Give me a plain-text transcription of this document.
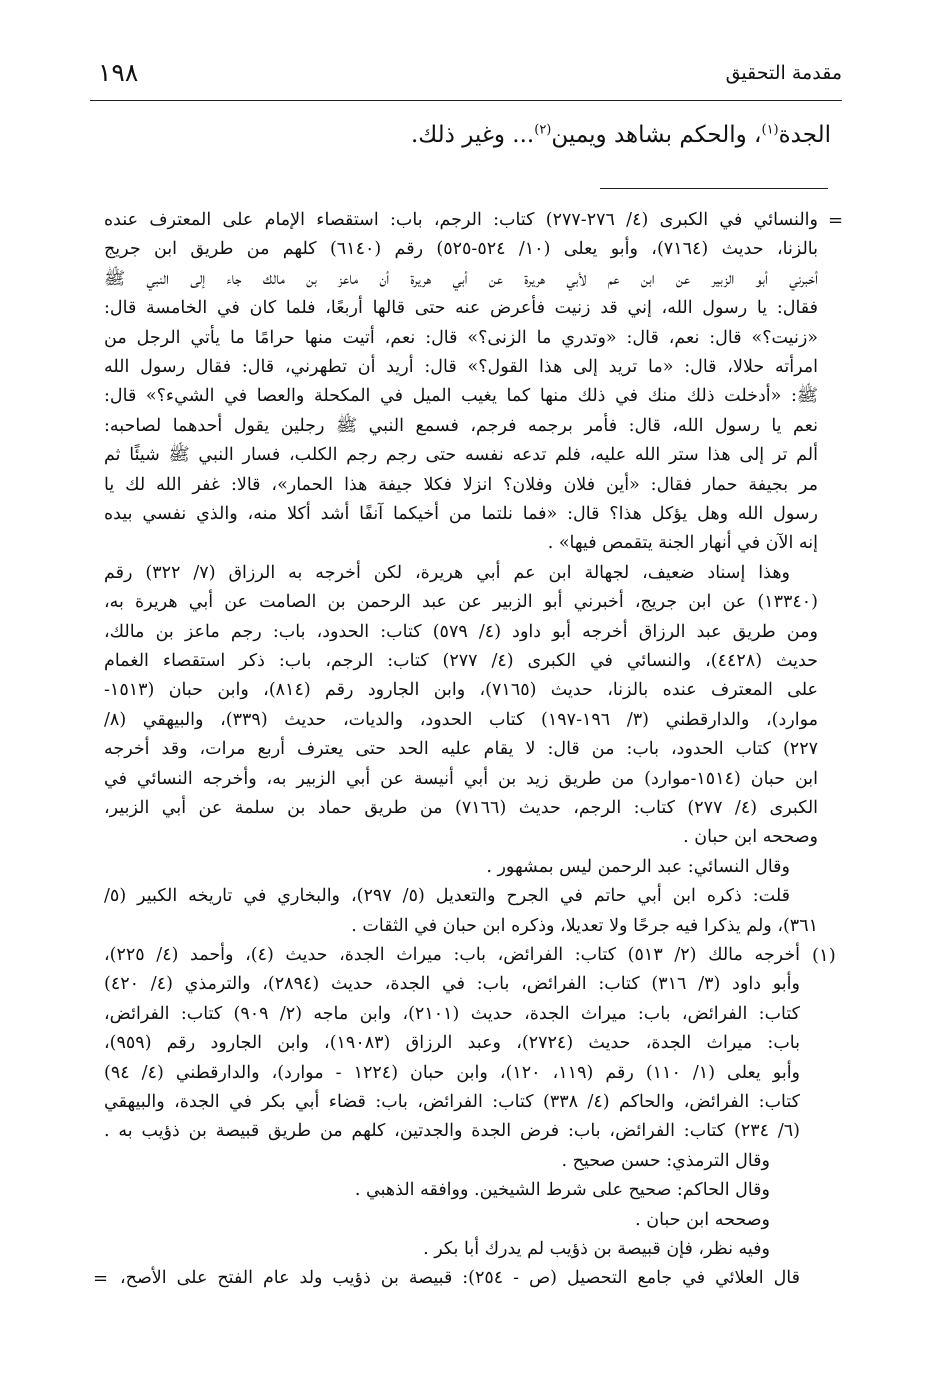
١٩٨	مقدمة التحقيق
الجدة$^{(١)}$، والحكم بشاهد ويمين$^{(٢)}$... وغير ذلك.
=
(١)
=
والنسائي في الكبرى (٤/ ٢٧٦-٢٧٧) كتاب: الرجم، باب: استقصاء الإمام على المعترف عنده
بالزنا، حديث (٧١٦٤)، وأبو يعلى (١٠/ ٥٢٤-٥٢٥) رقم (٦١٤٠) كلهم من طريق ابن جريج
أخبرني أبو الزبير عن ابن عم لأبي هريرة عن أبي هريرة أن ماعز بن مالك جاء إلى النبي ﷺ
فقال: يا رسول الله، إني قد زنيت فأعرض عنه حتى قالها أربعًا، فلما كان في الخامسة قال:
«زنيت؟» قال: نعم، قال: «وتدري ما الزنى؟» قال: نعم، أتيت منها حرامًا ما يأتي الرجل من
امرأته حلالا، قال: «ما تريد إلى هذا القول؟» قال: أريد أن تطهرني، قال: فقال رسول الله
ﷺ: «أدخلت ذلك منك في ذلك منها كما يغيب الميل في المكحلة والعصا في الشيء؟» قال:
نعم يا رسول الله، قال: فأمر برجمه فرجم، فسمع النبي ﷺ رجلين يقول أحدهما لصاحبه:
ألم تر إلى هذا ستر الله عليه، فلم تدعه نفسه حتى رجم رجم الكلب، فسار النبي ﷺ شيئًا ثم
مر بجيفة حمار فقال: «أين فلان وفلان؟ انزلا فكلا جيفة هذا الحمار»، قالا: غفر الله لك يا
رسول الله وهل يؤكل هذا؟ قال: «فما نلتما من أخيكما آنفًا أشد أكلا منه، والذي نفسي بيده
إنه الآن في أنهار الجنة يتقمص فيها» .
وهذا إسناد ضعيف، لجهالة ابن عم أبي هريرة، لكن أخرجه به الرزاق (٧/ ٣٢٢) رقم
(١٣٣٤٠) عن ابن جريج، أخبرني أبو الزبير عن عبد الرحمن بن الصامت عن أبي هريرة به،
ومن طريق عبد الرزاق أخرجه أبو داود (٤/ ٥٧٩) كتاب: الحدود، باب: رجم ماعز بن مالك،
حديث (٤٤٢٨)، والنسائي في الكبرى (٤/ ٢٧٧) كتاب: الرجم، باب: ذكر استقصاء الغمام
على المعترف عنده بالزنا، حديث (٧١٦٥)، وابن الجارود رقم (٨١٤)، وابن حبان (١٥١٣-
موارد)، والدارقطني (٣/ ١٩٦-١٩٧) كتاب الحدود، والديات، حديث (٣٣٩)، والبيهقي (٨/
٢٢٧) كتاب الحدود، باب: من قال: لا يقام عليه الحد حتى يعترف أربع مرات، وقد أخرجه
ابن حبان (١٥١٤-موارد) من طريق زيد بن أبي أنيسة عن أبي الزبير به، وأخرجه النسائي في
الكبرى (٤/ ٢٧٧) كتاب: الرجم، حديث (٧١٦٦) من طريق حماد بن سلمة عن أبي الزبير،
وصححه ابن حبان .
وقال النسائي: عبد الرحمن ليس بمشهور .
قلت: ذكره ابن أبي حاتم في الجرح والتعديل (٥/ ٢٩٧)، والبخاري في تاريخه الكبير (٥/
٣٦١)، ولم يذكرا فيه جرحًا ولا تعديلا، وذكره ابن حبان في الثقات .
أخرجه مالك (٢/ ٥١٣) كتاب: الفرائض، باب: ميراث الجدة، حديث (٤)، وأحمد (٤/ ٢٢٥)،
وأبو داود (٣/ ٣١٦) كتاب: الفرائض، باب: في الجدة، حديث (٢٨٩٤)، والترمذي (٤/ ٤٢٠)
كتاب: الفرائض، باب: ميراث الجدة، حديث (٢١٠١)، وابن ماجه (٢/ ٩٠٩) كتاب: الفرائض،
باب: ميراث الجدة، حديث (٢٧٢٤)، وعبد الرزاق (١٩٠٨٣)، وابن الجارود رقم (٩٥٩)،
وأبو يعلى (١/ ١١٠) رقم (١١٩، ١٢٠)، وابن حبان (١٢٢٤ - موارد)، والدارقطني (٤/ ٩٤)
كتاب: الفرائض، والحاكم (٤/ ٣٣٨) كتاب: الفرائض، باب: قضاء أبي بكر في الجدة، والبيهقي
(٦/ ٢٣٤) كتاب: الفرائض، باب: فرض الجدة والجدتين، كلهم من طريق قبيصة بن ذؤيب به .
وقال الترمذي: حسن صحيح .
وقال الحاكم: صحيح على شرط الشيخين. ووافقه الذهبي .
وصححه ابن حبان .
وفيه نظر، فإن قبيصة بن ذؤيب لم يدرك أبا بكر .
قال العلائي في جامع التحصيل (ص - ٢٥٤): قبيصة بن ذؤيب ولد عام الفتح على الأصح،
